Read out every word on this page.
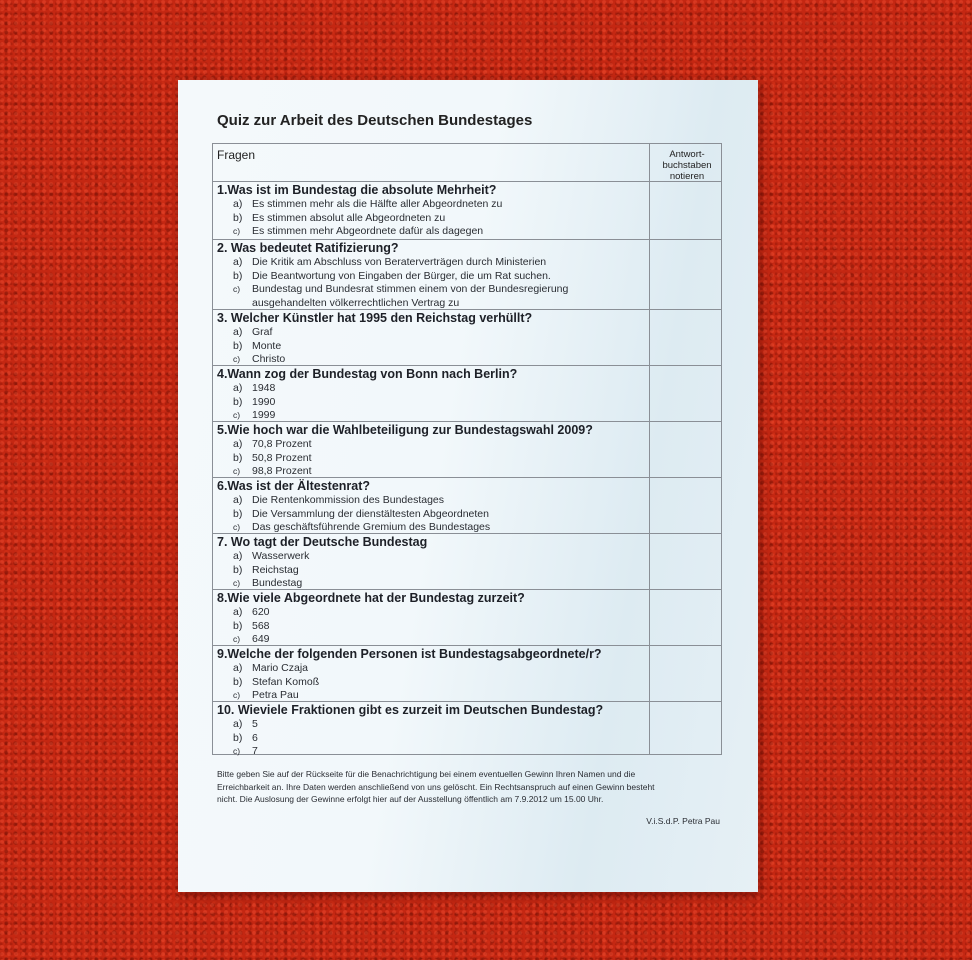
Quiz zur Arbeit des Deutschen Bundestages
Fragen	Antwort-buchstaben notieren
1.Was ist im Bundestag die absolute Mehrheit?
a) Es stimmen mehr als die Hälfte aller Abgeordneten zu
b) Es stimmen absolut alle Abgeordneten zu
c)	Es stimmen mehr Abgeordnete dafür als dagegen
2. Was bedeutet Ratifizierung?
a) Die Kritik am Abschluss von Beraterverträgen durch Ministerien
b) Die Beantwortung von Eingaben der Bürger, die um Rat suchen.
c)	Bundestag und Bundesrat stimmen einem von der Bundesregierung
ausgehandelten völkerrechtlichen Vertrag zu
3. Welcher Künstler hat 1995 den Reichstag verhüllt?
a) Graf
b) Monte
c)	Christo
4.Wann zog der Bundestag von Bonn nach Berlin?
a) 1948
b) 1990
c)	1999
5.Wie hoch war die Wahlbeteiligung zur Bundestagswahl 2009?
a) 70,8 Prozent
b) 50,8 Prozent
c)	98,8 Prozent
6.Was ist der Ältestenrat?
a) Die Rentenkommission des Bundestages
b) Die Versammlung der dienstältesten Abgeordneten
c)	Das geschäftsführende Gremium des Bundestages
7. Wo tagt der Deutsche Bundestag
a) Wasserwerk
b) Reichstag
c)	Bundestag
8.Wie viele Abgeordnete hat der Bundestag zurzeit?
a) 620
b) 568
c)	649
9.Welche der folgenden Personen ist Bundestagsabgeordnete/r?
a) Mario Czaja
b) Stefan Komoß
c)	Petra Pau
10. Wieviele Fraktionen gibt es zurzeit im Deutschen Bundestag?
a) 5
b) 6
c)	7
Bitte geben Sie auf der Rückseite für die Benachrichtigung bei einem eventuellen Gewinn Ihren Namen und die
Erreichbarkeit an. Ihre Daten werden anschließend von uns gelöscht. Ein Rechtsanspruch auf einen Gewinn besteht
nicht. Die Auslosung der Gewinne erfolgt hier auf der Ausstellung öffentlich am 7.9.2012 um 15.00 Uhr.
V.i.S.d.P. Petra Pau
